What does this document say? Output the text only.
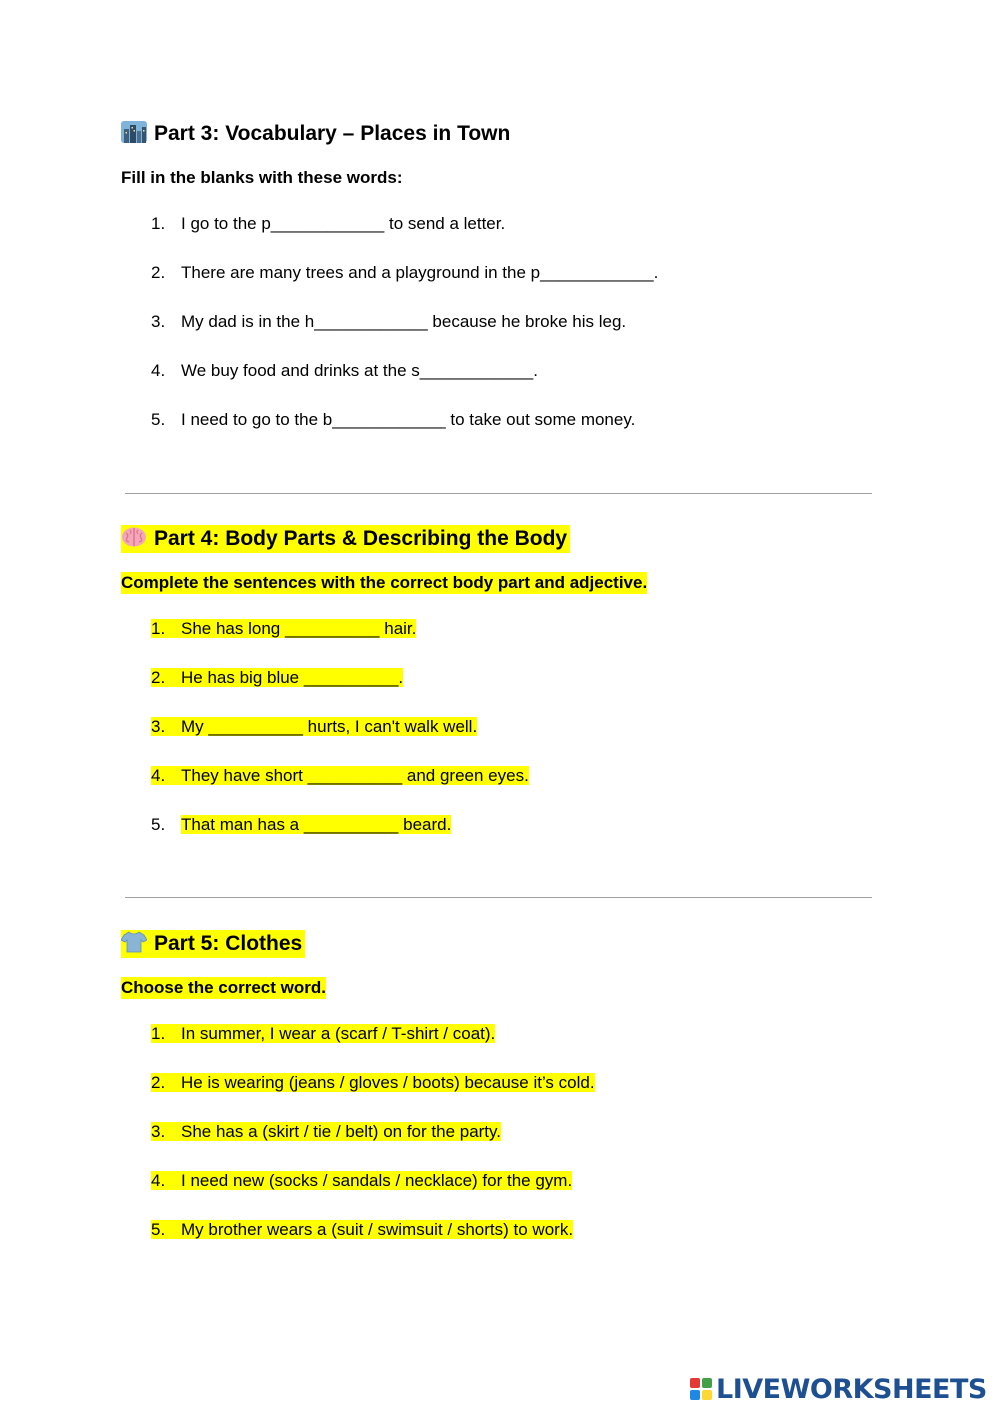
Part 3: Vocabulary – Places in Town
Fill in the blanks with these words:
1. I go to the p____________ to send a letter.
2. There are many trees and a playground in the p____________.
3. My dad is in the h____________ because he broke his leg.
4. We buy food and drinks at the s____________.
5. I need to go to the b____________ to take out some money.
Part 4: Body Parts & Describing the Body
Complete the sentences with the correct body part and adjective.
1. She has long __________ hair.
2. He has big blue __________.
3. My __________ hurts, I can't walk well.
4. They have short __________ and green eyes.
5. That man has a __________ beard.
Part 5: Clothes
Choose the correct word.
1. In summer, I wear a (scarf / T-shirt / coat).
2. He is wearing (jeans / gloves / boots) because it’s cold.
3. She has a (skirt / tie / belt) on for the party.
4. I need new (socks / sandals / necklace) for the gym.
5. My brother wears a (suit / swimsuit / shorts) to work.
LIVEWORKSHEETS
